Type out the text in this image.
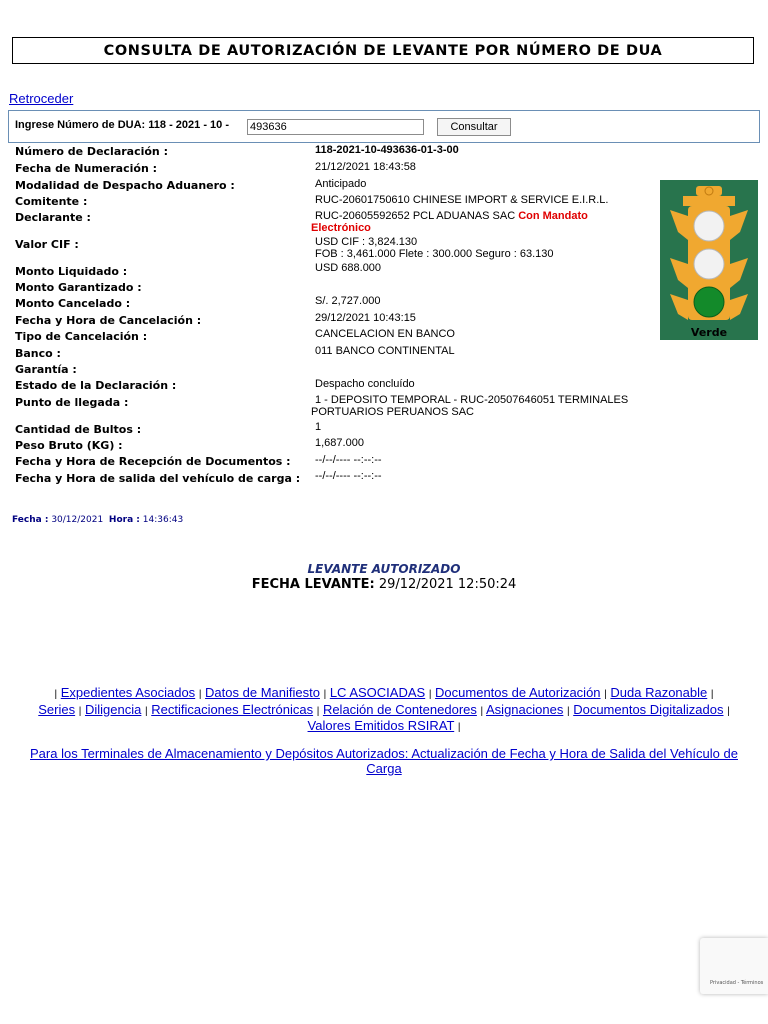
CONSULTA DE AUTORIZACIÓN DE LEVANTE POR NÚMERO DE DUA
Retroceder
Ingrese Número de DUA: 118 - 2021 - 10 -
493636	Consultar
Número de Declaración :
Fecha de Numeración :
Modalidad de Despacho Aduanero :
Comitente :
Declarante :
Valor CIF :
Monto Liquidado :
Monto Garantizado :
Monto Cancelado :
Fecha y Hora de Cancelación :
Tipo de Cancelación :
Banco :
Garantía :
Estado de la Declaración :
Punto de llegada :
Cantidad de Bultos :
Peso Bruto (KG) :
Fecha y Hora de Recepción de Documentos :
Fecha y Hora de salida del vehículo de carga :
118-2021-10-493636-01-3-00
21/12/2021 18:43:58
Anticipado
RUC-20601750610 CHINESE IMPORT & SERVICE E.I.R.L.
RUC-20605592652 PCL ADUANAS SAC Con Mandato
Electrónico
USD CIF : 3,824.130
FOB : 3,461.000 Flete : 300.000 Seguro : 63.130
USD 688.000
S/. 2,727.000
29/12/2021 10:43:15
CANCELACION EN BANCO
011 BANCO CONTINENTAL
Despacho concluído
1 - DEPOSITO TEMPORAL - RUC-20507646051 TERMINALES
PORTUARIOS PERUANOS SAC
1
1,687.000
--/--/---- --:--:--
--/--/---- --:--:--
Verde
Fecha : 30/12/2021 Hora : 14:36:43
LEVANTE AUTORIZADO
FECHA LEVANTE: 29/12/2021 12:50:24
| Expedientes Asociados | Datos de Manifiesto | LC ASOCIADAS | Documentos de Autorización | Duda Razonable |
Series | Diligencia | Rectificaciones Electrónicas | Relación de Contenedores | Asignaciones | Documentos Digitalizados | Valores Emitidos RSIRAT |
Para los Terminales de Almacenamiento y Depósitos Autorizados: Actualización de Fecha y Hora de Salida del Vehículo de Carga
Privacidad - Términos
